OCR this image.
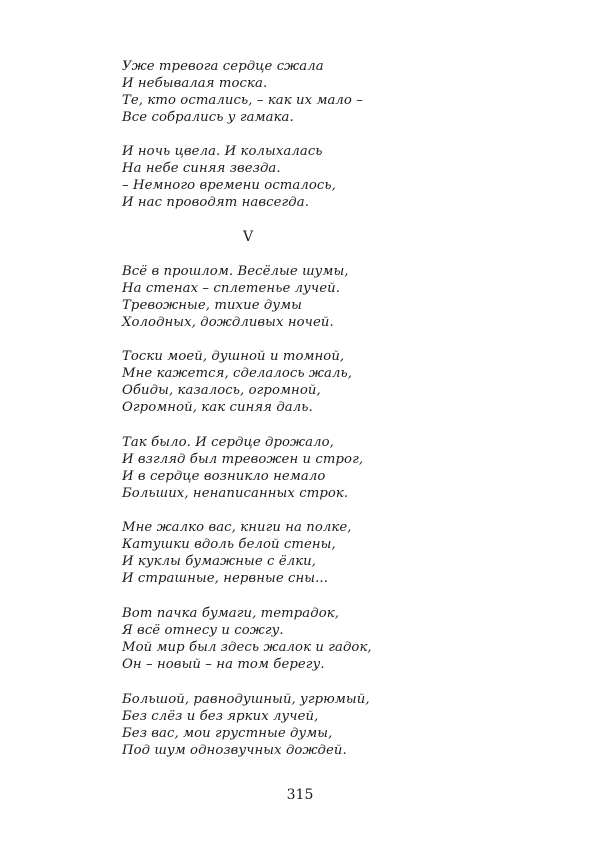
Уже тревога сердце сжала
И небывалая тоска.
Те, кто остались, – как их мало –
Все собрались у гамака.
И ночь цвела. И колыхалась
На небе синяя звезда.
– Немного времени осталось,
И нас проводят навсегда.
V
Всё в прошлом. Весёлые шумы,
На стенах – сплетенье лучей.
Тревожные, тихие думы
Холодных, дождливых ночей.
Тоски моей, душной и томной,
Мне кажется, сделалось жаль,
Обиды, казалось, огромной,
Огромной, как синяя даль.
Так было. И сердце дрожало,
И взгляд был тревожен и строг,
И в сердце возникло немало
Больших, ненаписанных строк.
Мне жалко вас, книги на полке,
Катушки вдоль белой стены,
И куклы бумажные с ёлки,
И страшные, нервные сны...
Вот пачка бумаги, тетрадок,
Я всё отнесу и сожгу.
Мой мир был здесь жалок и гадок,
Он – новый – на том берегу.
Большой, равнодушный, угрюмый,
Без слёз и без ярких лучей,
Без вас, мои грустные думы,
Под шум однозвучных дождей.
315
